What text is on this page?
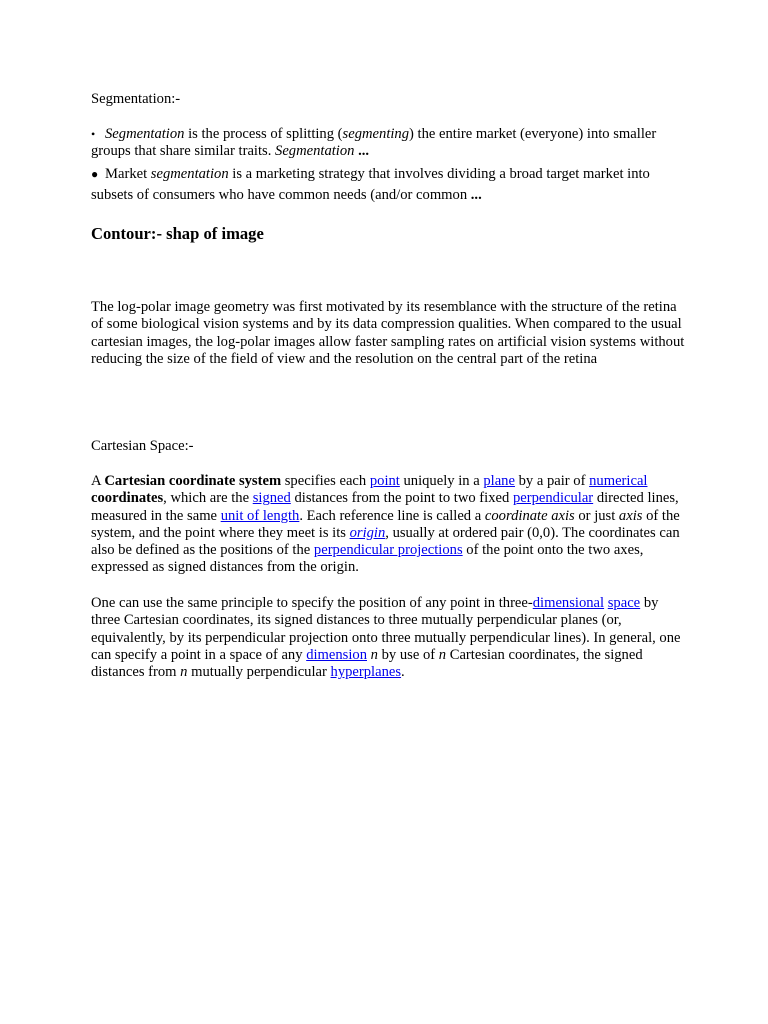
Segmentation:-

• Segmentation is the process of splitting (segmenting) the entire market (everyone) into smaller groups that share similar traits. Segmentation ...

● Market segmentation is a marketing strategy that involves dividing a broad target market into subsets of consumers who have common needs (and/or common ...

Contour:- shap of image

The log-polar image geometry was first motivated by its resemblance with the structure of the retina of some biological vision systems and by its data compression qualities. When compared to the usual cartesian images, the log-polar images allow faster sampling rates on artificial vision systems without reducing the size of the field of view and the resolution on the central part of the retina

Cartesian Space:-

A Cartesian coordinate system specifies each point uniquely in a plane by a pair of numerical coordinates, which are the signed distances from the point to two fixed perpendicular directed lines, measured in the same unit of length. Each reference line is called a coordinate axis or just axis of the system, and the point where they meet is its origin, usually at ordered pair (0,0). The coordinates can also be defined as the positions of the perpendicular projections of the point onto the two axes, expressed as signed distances from the origin.

One can use the same principle to specify the position of any point in three-dimensional space by three Cartesian coordinates, its signed distances to three mutually perpendicular planes (or, equivalently, by its perpendicular projection onto three mutually perpendicular lines). In general, one can specify a point in a space of any dimension n by use of n Cartesian coordinates, the signed distances from n mutually perpendicular hyperplanes.
